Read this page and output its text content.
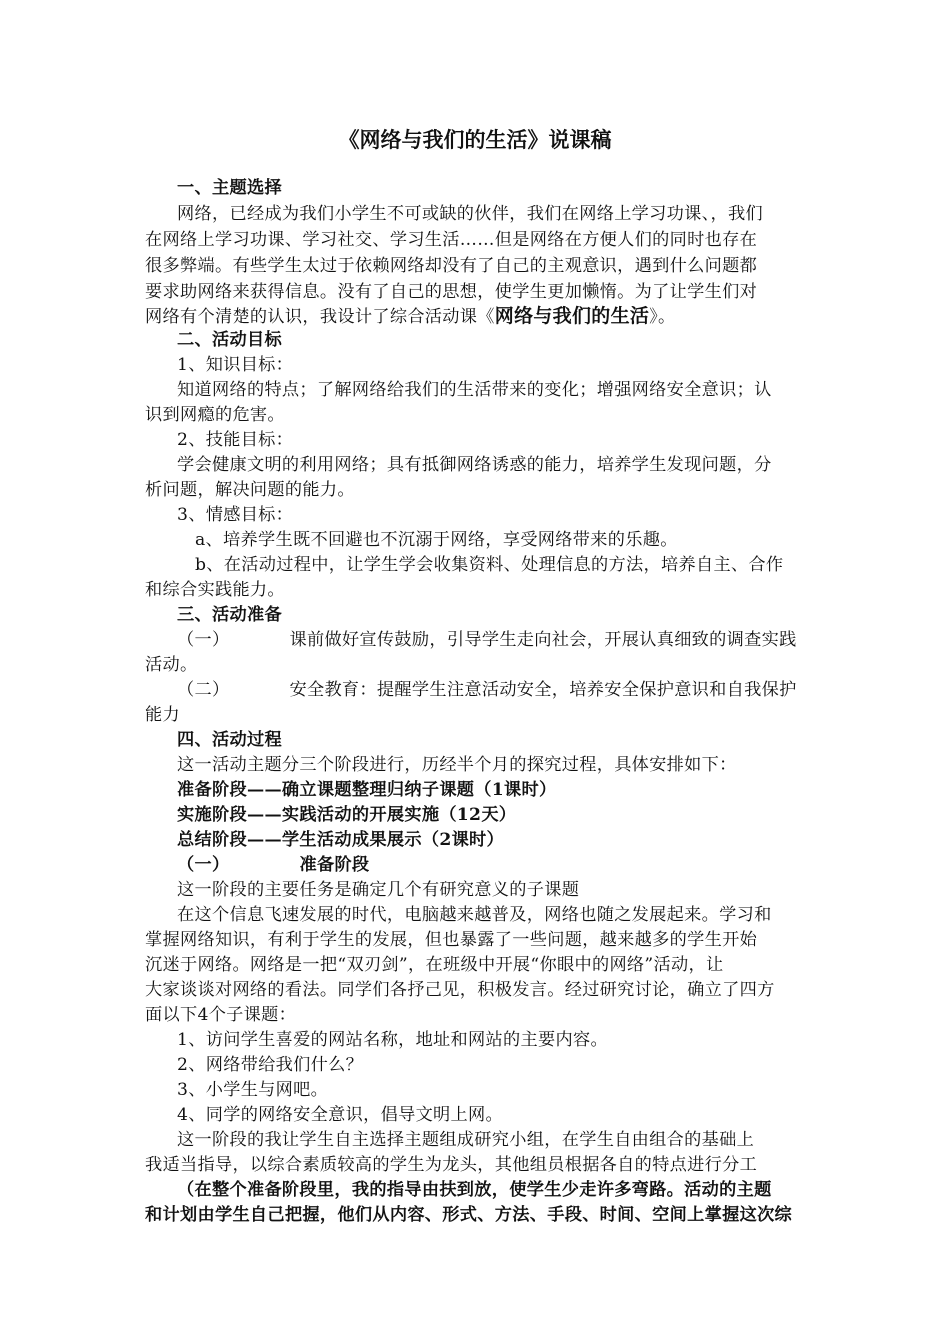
《网络与我们的生活》说课稿
一、主题选择
网络，已经成为我们小学生不可或缺的伙伴，我们在网络上学习功课、，我们
在网络上学习功课、学习社交、学习生活……但是网络在方便人们的同时也存在
很多弊端。有些学生太过于依赖网络却没有了自己的主观意识，遇到什么问题都
要求助网络来获得信息。没有了自己的思想，使学生更加懒惰。为了让学生们对
网络有个清楚的认识，我设计了综合活动课《网络与我们的生活》。
二、活动目标
1、知识目标：
知道网络的特点；了解网络给我们的生活带来的变化；增强网络安全意识；认
识到网瘾的危害。
2、技能目标：
学会健康文明的利用网络；具有抵御网络诱惑的能力，培养学生发现问题，分
析问题，解决问题的能力。
3、情感目标：
a、培养学生既不回避也不沉溺于网络，享受网络带来的乐趣。
b、在活动过程中，让学生学会收集资料、处理信息的方法，培养自主、合作
和综合实践能力。
三、活动准备
（一）	课前做好宣传鼓励，引导学生走向社会，开展认真细致的调查实践
活动。
（二）	安全教育：提醒学生注意活动安全，培养安全保护意识和自我保护
能力
四、活动过程
这一活动主题分三个阶段进行，历经半个月的探究过程，具体安排如下：
准备阶段——确立课题整理归纳子课题（1课时）
实施阶段——实践活动的开展实施（12天）
总结阶段——学生活动成果展示（2课时）
（一）	准备阶段
这一阶段的主要任务是确定几个有研究意义的子课题
在这个信息飞速发展的时代，电脑越来越普及，网络也随之发展起来。学习和
掌握网络知识，有利于学生的发展，但也暴露了一些问题，越来越多的学生开始
沉迷于网络。网络是一把“双刃剑”，在班级中开展“你眼中的网络”活动，让
大家谈谈对网络的看法。同学们各抒己见，积极发言。经过研究讨论，确立了四方
面以下4个子课题：
1、访问学生喜爱的网站名称，地址和网站的主要内容。
2、网络带给我们什么？
3、小学生与网吧。
4、同学的网络安全意识，倡导文明上网。
这一阶段的我让学生自主选择主题组成研究小组，在学生自由组合的基础上
我适当指导，以综合素质较高的学生为龙头，其他组员根据各自的特点进行分工
（在整个准备阶段里，我的指导由扶到放，使学生少走许多弯路。活动的主题
和计划由学生自己把握，他们从内容、形式、方法、手段、时间、空间上掌握这次综
